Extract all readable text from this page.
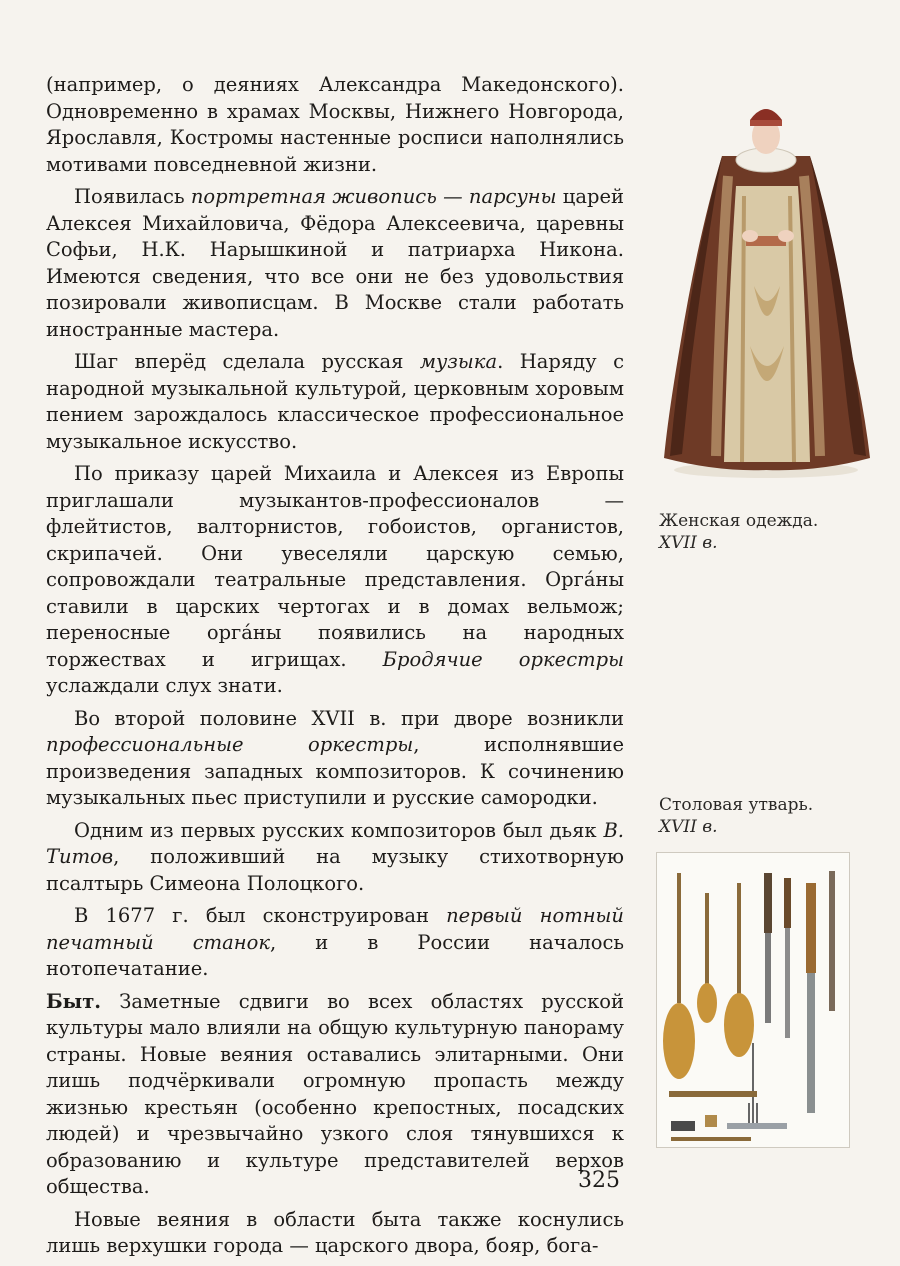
(например, о деяниях Александра Македонского). Одновременно в храмах Москвы, Нижнего Новгорода, Ярославля, Костромы настенные росписи наполнялись мотивами повседневной жизни.

Появилась портретная живопись — парсуны царей Алексея Михайловича, Фёдора Алексеевича, царевны Софьи, Н.К. Нарышкиной и патриарха Никона. Имеются сведения, что все они не без удовольствия позировали живописцам. В Москве стали работать иностранные мастера.

Шаг вперёд сделала русская музыка. Наряду с народной музыкальной культурой, церковным хоровым пением зарождалось классическое профессиональное музыкальное искусство.

По приказу царей Михаила и Алексея из Европы приглашали музыкантов-профессионалов — флейтистов, валторнистов, гобоистов, органистов, скрипачей. Они увеселяли царскую семью, сопровождали театральные представления. Орга́ны ставили в царских чертогах и в домах вельмож; переносные орга́ны появились на народных торжествах и игрищах. Бродячие оркестры услаждали слух знати.

Во второй половине XVII в. при дворе возникли профессиональные оркестры, исполнявшие произведения западных композиторов. К сочинению музыкальных пьес приступили и русские самородки.

Одним из первых русских композиторов был дьяк В. Титов, положивший на музыку стихотворную псалтырь Симеона Полоцкого.

В 1677 г. был сконструирован первый нотный печатный станок, и в России началось нотопечатание.

Быт. Заметные сдвиги во всех областях русской культуры мало влияли на общую культурную панораму страны. Новые веяния оставались элитарными. Они лишь подчёркивали огромную пропасть между жизнью крестьян (особенно крепостных, посадских людей) и чрезвычайно узкого слоя тянувшихся к образованию и культуре представителей верхов общества.

Новые веяния в области быта также коснулись лишь верхушки города — царского двора, бояр, бога-

Женская одежда.
XVII в.
Столовая утварь.
XVII в.
325
